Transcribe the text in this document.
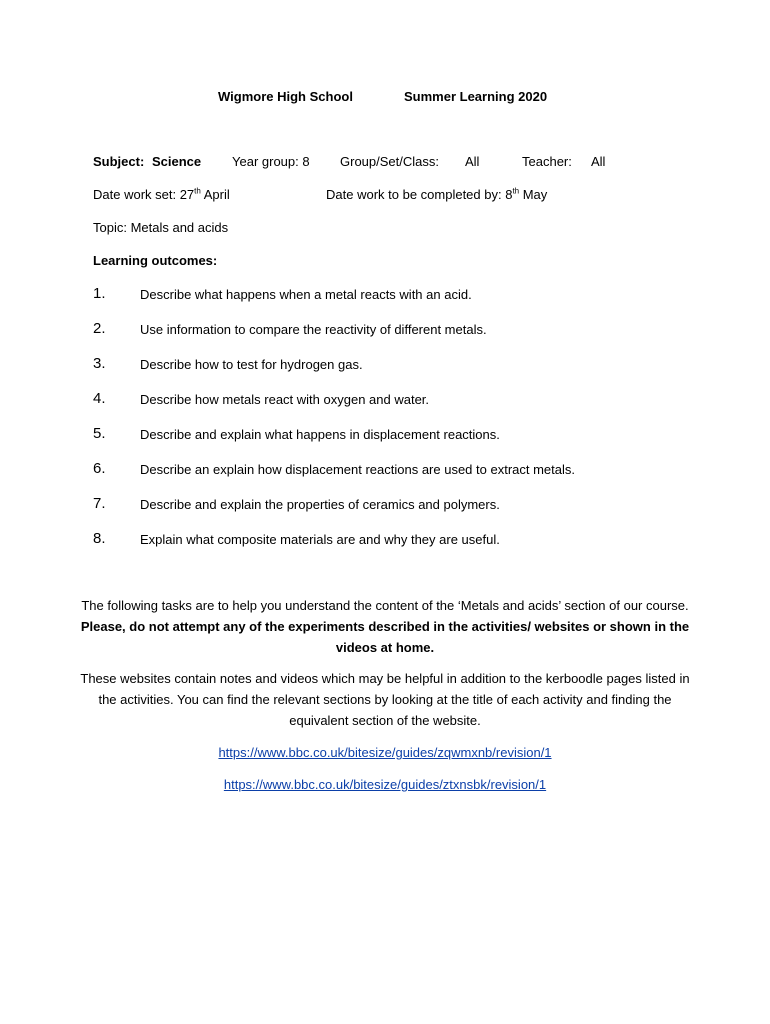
Wigmore High School	Summer Learning 2020
Subject: Science Year group: 8 Group/Set/Class: All	Teacher: All
Date work set: 27th April	Date work to be completed by: 8th May
Topic: Metals and acids
Learning outcomes:
1.	Describe what happens when a metal reacts with an acid.
2.	Use information to compare the reactivity of different metals.
3.	Describe how to test for hydrogen gas.
4.	Describe how metals react with oxygen and water.
5.	Describe and explain what happens in displacement reactions.
6.	Describe an explain how displacement reactions are used to extract metals.
7.	Describe and explain the properties of ceramics and polymers.
8.	Explain what composite materials are and why they are useful.

The following tasks are to help you understand the content of the ‘Metals and acids’ section of our course. Please, do not attempt any of the experiments described in the activities/ websites or shown in the videos at home.

These websites contain notes and videos which may be helpful in addition to the kerboodle pages listed in the activities. You can find the relevant sections by looking at the title of each activity and finding the equivalent section of the website.

https://www.bbc.co.uk/bitesize/guides/zqwmxnb/revision/1
https://www.bbc.co.uk/bitesize/guides/ztxnsbk/revision/1
